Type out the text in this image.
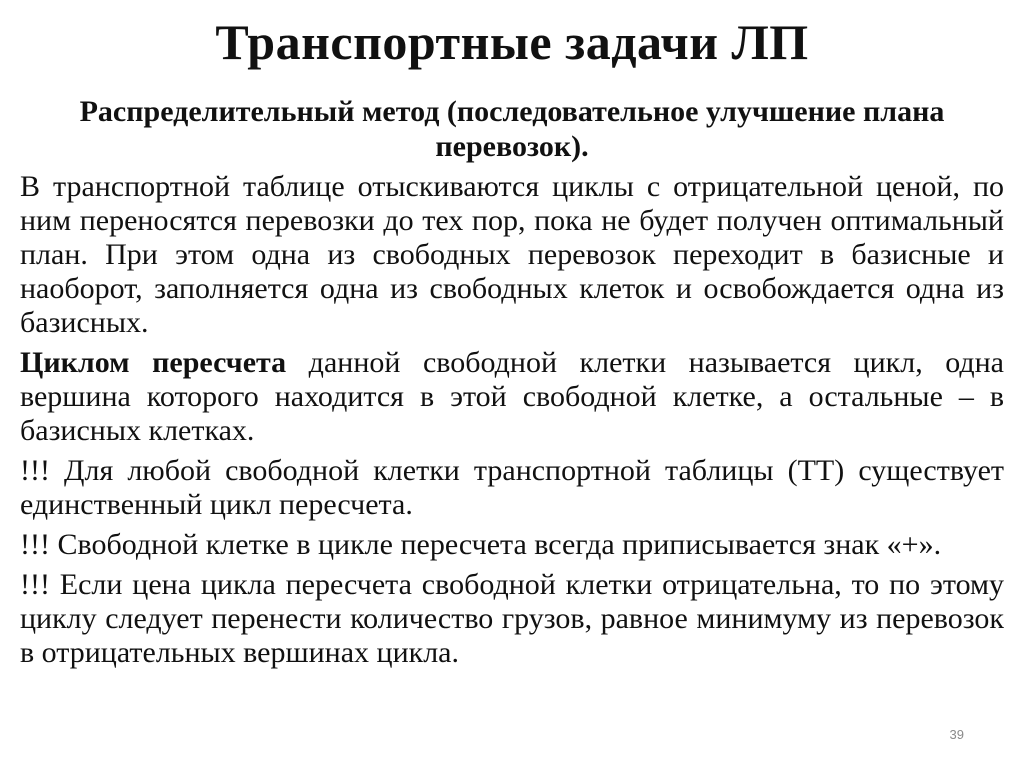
Транспортные задачи ЛП
Распределительный метод (последовательное улучшение плана перевозок).

В транспортной таблице отыскиваются циклы с отрицательной ценой, по ним переносятся перевозки до тех пор, пока не будет получен оптимальный план. При этом одна из свободных перевозок переходит в базисные и наоборот, заполняется одна из свободных клеток и освобождается одна из базисных.

Циклом пересчета данной свободной клетки называется цикл, одна вершина которого находится в этой свободной клетке, а остальные – в базисных клетках.

!!! Для любой свободной клетки транспортной таблицы (ТТ) существует единственный цикл пересчета.

!!! Свободной клетке в цикле пересчета всегда приписывается знак «+».

!!! Если цена цикла пересчета свободной клетки отрицательна, то по этому циклу следует перенести количество грузов, равное минимуму из перевозок в отрицательных вершинах цикла.

39
